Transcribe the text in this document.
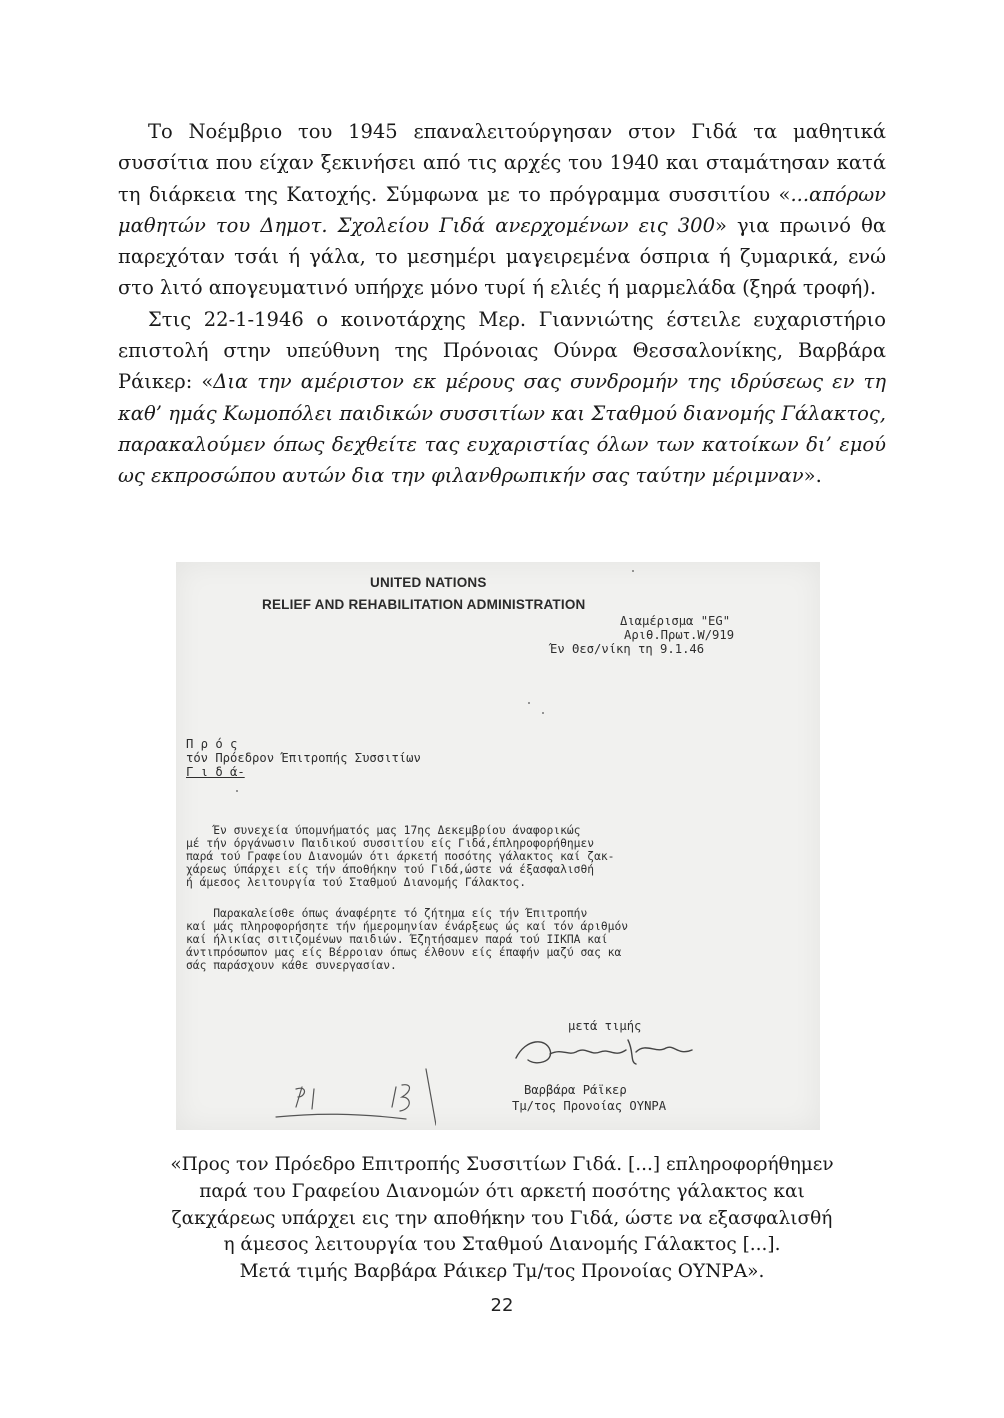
Το Νοέμβριο του 1945 επαναλειτούργησαν στον Γιδά τα μαθητικά συσσίτια που είχαν ξεκινήσει από τις αρχές του 1940 και σταμάτησαν κατά τη διάρκεια της Κατοχής. Σύμφωνα με το πρόγραμμα συσσιτίου «...απόρων μαθητών του Δημοτ. Σχολείου Γιδά ανερχομένων εις 300» για πρωινό θα παρεχόταν τσάι ή γάλα, το μεσημέρι μαγειρεμένα όσπρια ή ζυμαρικά, ενώ στο λιτό απογευματινό υπήρχε μόνο τυρί ή ελιές ή μαρμελάδα (ξηρά τροφή).

Στις 22-1-1946 ο κοινοτάρχης Μερ. Γιαννιώτης έστειλε ευχαριστήριο επιστολή στην υπεύθυνη της Πρόνοιας Ούνρα Θεσσαλονίκης, Βαρβάρα Ράικερ: «Δια την αμέριστον εκ μέρους σας συνδρομήν της ιδρύσεως εν τη καθ’ ημάς Κωμοπόλει παιδικών συσσιτίων και Σταθμού διανομής Γάλακτος, παρακαλούμεν όπως δεχθείτε τας ευχαριστίας όλων των κατοίκων δι’ εμού ως εκπροσώπου αυτών δια την φιλανθρωπικήν σας ταύτην μέριμναν».

UNITED NATIONS
RELIEF AND REHABILITATION ADMINISTRATION
Διαμέρισμα "EG"
Αριθ.Πρωτ.W/919
Έν Θεσ/νίκη τη 9.1.46
Π ρ ό ς
τόν Πρόεδρον Έπιτροπής Συσσιτίων
Γ ι δ ά-
Έν συνεχεία ύπομνήματός μας 17ης Δεκεμβρίου άναφορικώς
μέ τήν όργάνωσιν Παιδικού συσσιτίου είς Γιδά,έπληροφορήθημεν
παρά τού Γραφείου Διανομών ότι άρκετή ποσότης γάλακτος καί ζακ-
χάρεως ύπάρχει είς τήν άποθήκην τού Γιδά,ώστε νά έξασφαλισθή
ή άμεσος λειτουργία τού Σταθμού Διανομής Γάλακτος.
Παρακαλείσθε όπως άναφέρητε τό ζήτημα είς τήν Έπιτροπήν
καί μάς πληροφορήσητε τήν ήμερομηνίαν ένάρξεως ώς καί τόν άριθμόν
καί ήλικίας σιτιζομένων παιδιών. Έζητήσαμεν παρά τού ΙΙΚΠΑ καί
άντιπρόσωπον μας είς Βέρροιαν όπως έλθουν είς έπαφήν μαζύ σας κα
σάς παράσχουν κάθε συνεργασίαν.
μετά τιμής
Βαρβάρα Ράϊκερ
Τμ/τος Προνοίας ΟΥΝΡΑ
«Προς τον Πρόεδρο Επιτροπής Συσσιτίων Γιδά. [...] επληροφορήθημεν
παρά του Γραφείου Διανομών ότι αρκετή ποσότης γάλακτος και
ζακχάρεως υπάρχει εις την αποθήκην του Γιδά, ώστε να εξασφαλισθή
η άμεσος λειτουργία του Σταθμού Διανομής Γάλακτος [...].
Μετά τιμής Βαρβάρα Ράικερ Τμ/τος Προνοίας ΟΥΝΡΑ».
22
